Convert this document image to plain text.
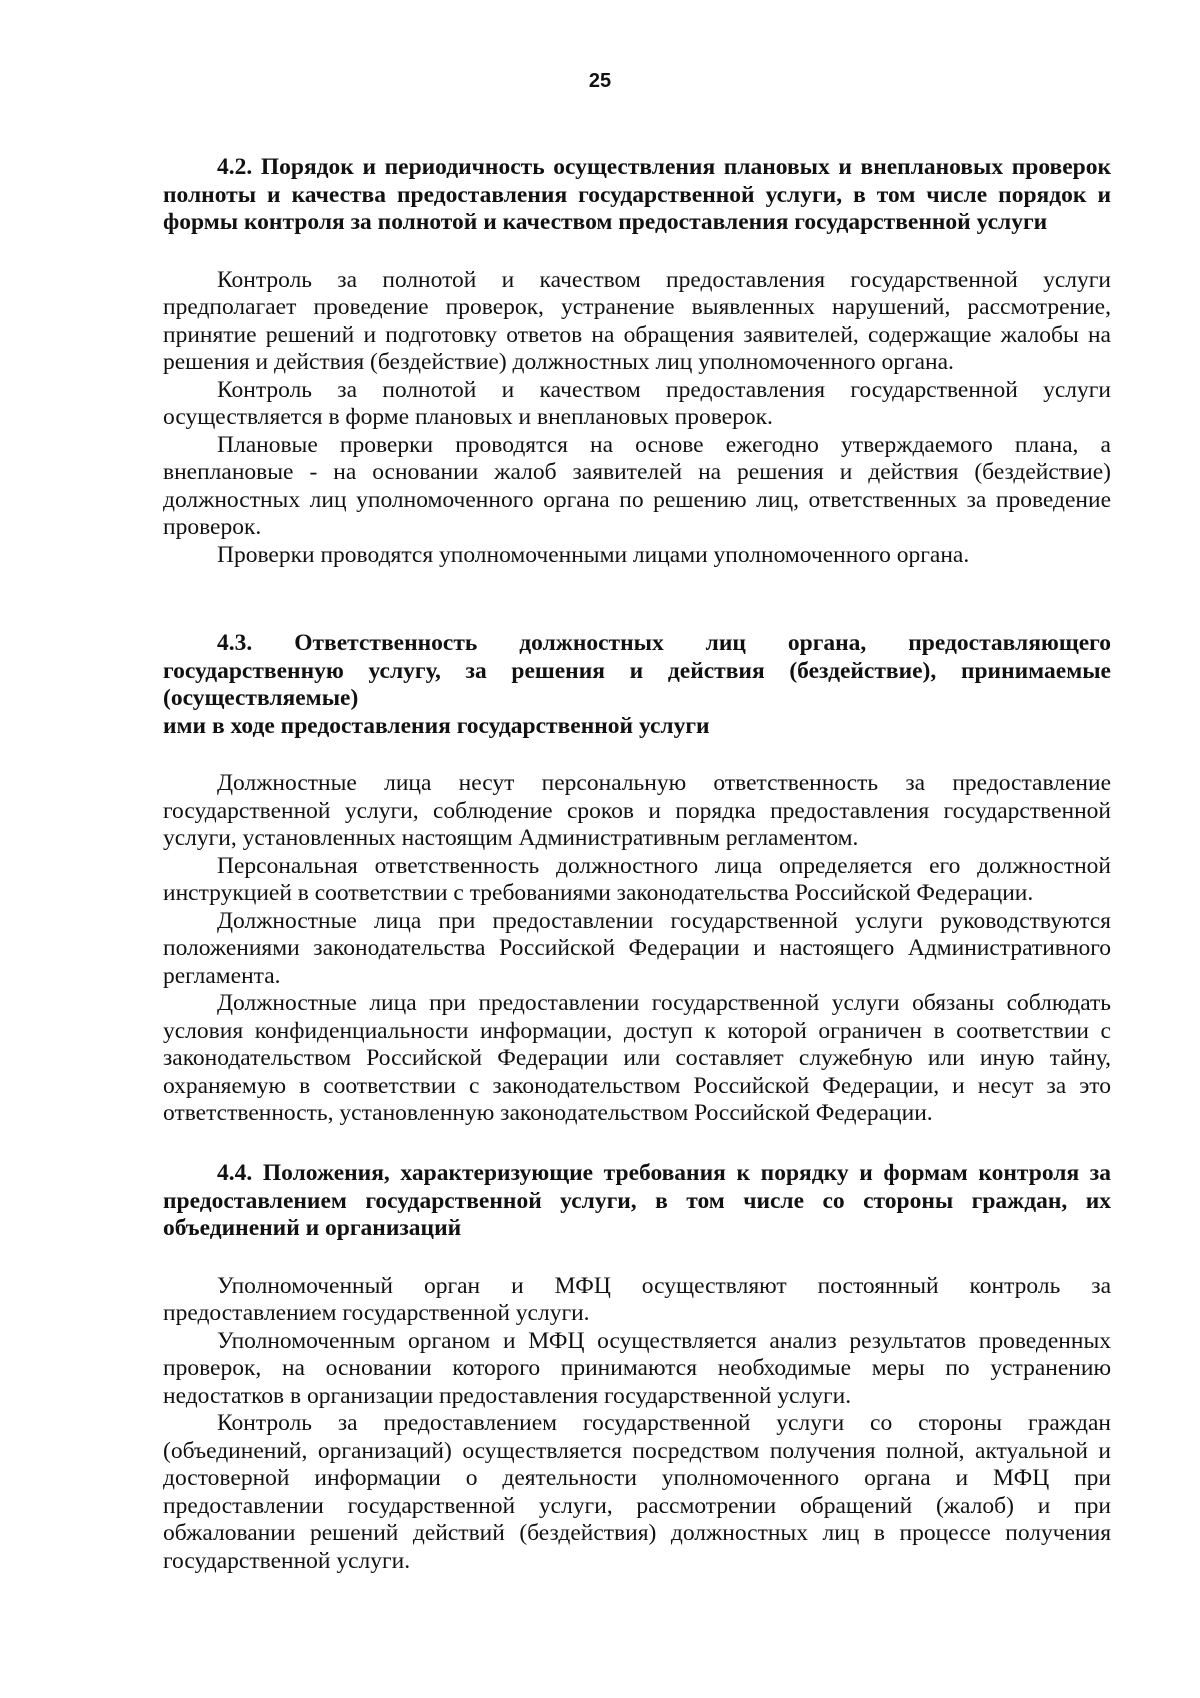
25

4.2. Порядок и периодичность осуществления плановых и внеплановых проверок полноты и качества предоставления государственной услуги, в том числе порядок и формы контроля за полнотой и качеством предоставления государственной услуги

Контроль за полнотой и качеством предоставления государственной услуги предполагает проведение проверок, устранение выявленных нарушений, рассмотрение, принятие решений и подготовку ответов на обращения заявителей, содержащие жалобы на решения и действия (бездействие) должностных лиц уполномоченного органа.

Контроль за полнотой и качеством предоставления государственной услуги осуществляется в форме плановых и внеплановых проверок.

Плановые проверки проводятся на основе ежегодно утверждаемого плана, а внеплановые - на основании жалоб заявителей на решения и действия (бездействие) должностных лиц уполномоченного органа по решению лиц, ответственных за проведение проверок.

Проверки проводятся уполномоченными лицами уполномоченного органа.

4.3. Ответственность должностных лиц органа, предоставляющего государственную услугу, за решения и действия (бездействие), принимаемые (осуществляемые)

ими в ходе предоставления государственной услуги

Должностные лица несут персональную ответственность за предоставление государственной услуги, соблюдение сроков и порядка предоставления государственной услуги, установленных настоящим Административным регламентом.

Персональная ответственность должностного лица определяется его должностной инструкцией в соответствии с требованиями законодательства Российской Федерации.

Должностные лица при предоставлении государственной услуги руководствуются положениями законодательства Российской Федерации и настоящего Административного регламента.

Должностные лица при предоставлении государственной услуги обязаны соблюдать условия конфиденциальности информации, доступ к которой ограничен в соответствии с законодательством Российской Федерации или составляет служебную или иную тайну, охраняемую в соответствии с законодательством Российской Федерации, и несут за это ответственность, установленную законодательством Российской Федерации.

4.4. Положения, характеризующие требования к порядку и формам контроля за предоставлением государственной услуги, в том числе со стороны граждан, их объединений и организаций

Уполномоченный орган и МФЦ осуществляют постоянный контроль за предоставлением государственной услуги.

Уполномоченным органом и МФЦ осуществляется анализ результатов проведенных проверок, на основании которого принимаются необходимые меры по устранению недостатков в организации предоставления государственной услуги.

Контроль за предоставлением государственной услуги со стороны граждан (объединений, организаций) осуществляется посредством получения полной, актуальной и достоверной информации о деятельности уполномоченного органа и МФЦ при предоставлении государственной услуги, рассмотрении обращений (жалоб) и при обжаловании решений действий (бездействия) должностных лиц в процессе получения государственной услуги.
